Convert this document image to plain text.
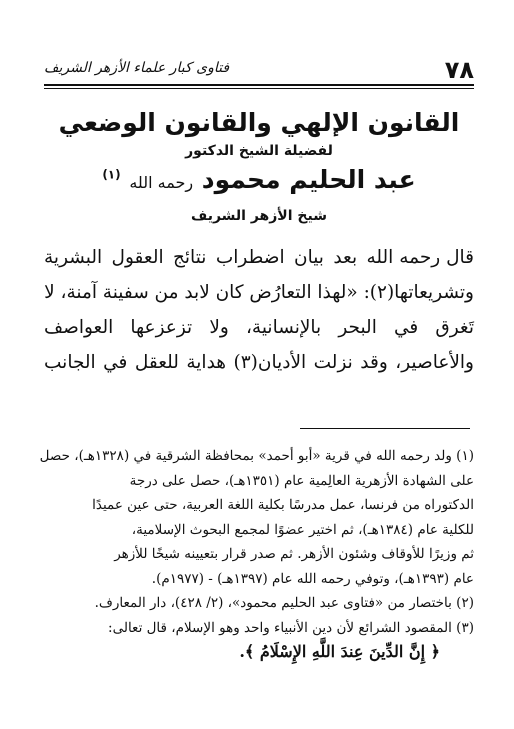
٧٨
فتاوى كبار علماء الأزهر الشريف
القانون الإلهي والقانون الوضعي
لفضيلة الشيخ الدكتور
عبد الحليم محمود رحمه الله $^{(١)}$
شيخ الأزهر الشريف
قال رحمه الله
بعد
بيان
اضطراب
نتائج
العقول
البشرية
وتشريعاتها(٢):
«لهذا
التعارُض
كان
لابد
من
سفينة
آمنة،
لا
تَغرق
في
البحر
بالإنسانية،
ولا
تزعزعها
العواصف
والأعاصير،
وقد
نزلت
الأديان(٣)
هداية
للعقل
في
الجانب
(١) ولد رحمه الله في قرية «أبو أحمد» بمحافظة الشرقية في (١٣٢٨هـ)، حصل
على الشهادة الأزهرية العالِمية عام (١٣٥١هـ)، حصل على درجة
الدكتوراه من فرنسا، عمل مدرسًا بكلية اللغة العربية، حتى عين عميدًا
للكلية عام (١٣٨٤هـ)، ثم اختير عضوًا لمجمع البحوث الإسلامية،
ثم وزيرًا للأوقاف وشئون الأزهر. ثم صدر قرار بتعيينه شيخًا للأزهر
عام (١٣٩٣هـ)، وتوفي رحمه الله عام (١٣٩٧هـ) - (١٩٧٧م).
(٢) باختصار من «فتاوى عبد الحليم محمود»، (٢/ ٤٢٨)، دار المعارف.
(٣) المقصود الشرائع لأن دين الأنبياء واحد وهو الإسلام، قال تعالى:
﴿ إِنَّ الدِّينَ عِندَ اللَّهِ الإِسْلَامُ ﴾.
